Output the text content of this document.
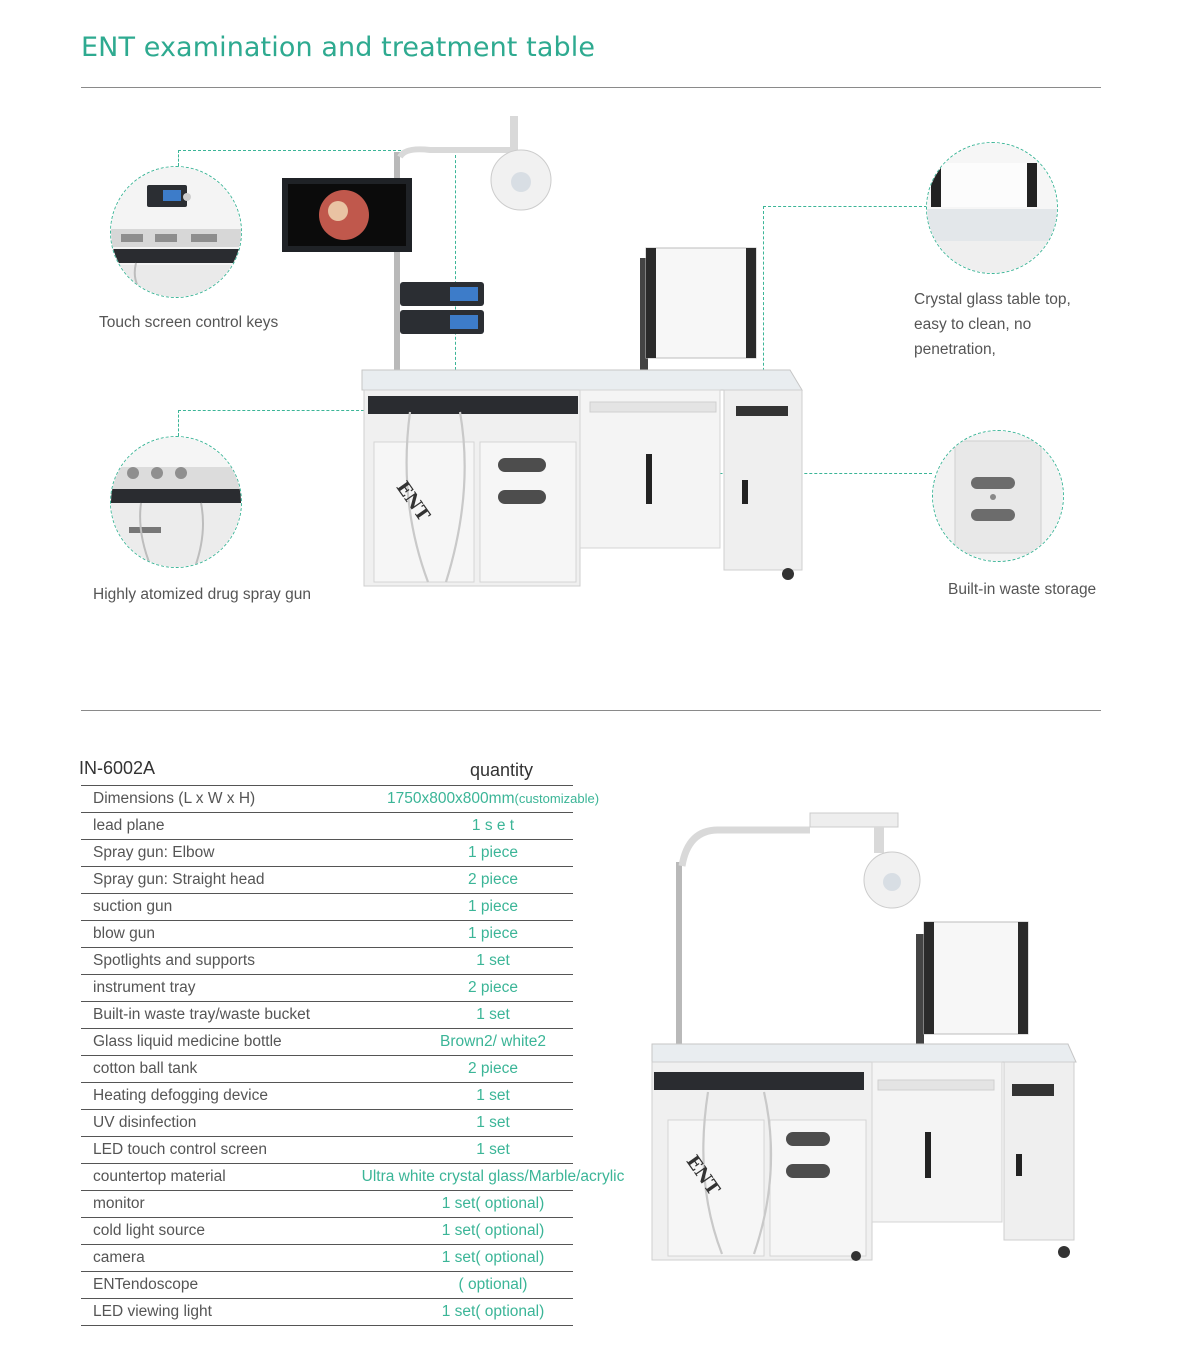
ENT examination and treatment table
Touch screen control keys
Highly atomized drug spray gun
Crystal glass table top, easy to clean, no penetration,
Built-in waste storage
ENT
IN-6002A	quantity
Dimensions (L x W x H)	1750x800x800mm(customizable)
lead plane	1 s e t
Spray gun: Elbow	1 piece
Spray gun: Straight head	2 piece
suction gun	1 piece
blow gun	1 piece
Spotlights and supports	1 set
instrument tray	2 piece
Built-in waste tray/waste bucket	1 set
Glass liquid medicine bottle	Brown2/ white2
cotton ball tank	2 piece
Heating defogging device	1 set
UV disinfection	1 set
LED touch control screen	1 set
countertop material	Ultra white crystal glass/Marble/acrylic
monitor	1 set( optional)
cold light source	1 set( optional)
camera	1 set( optional)
ENTendoscope	( optional)
LED viewing light	1 set( optional)
ENT
